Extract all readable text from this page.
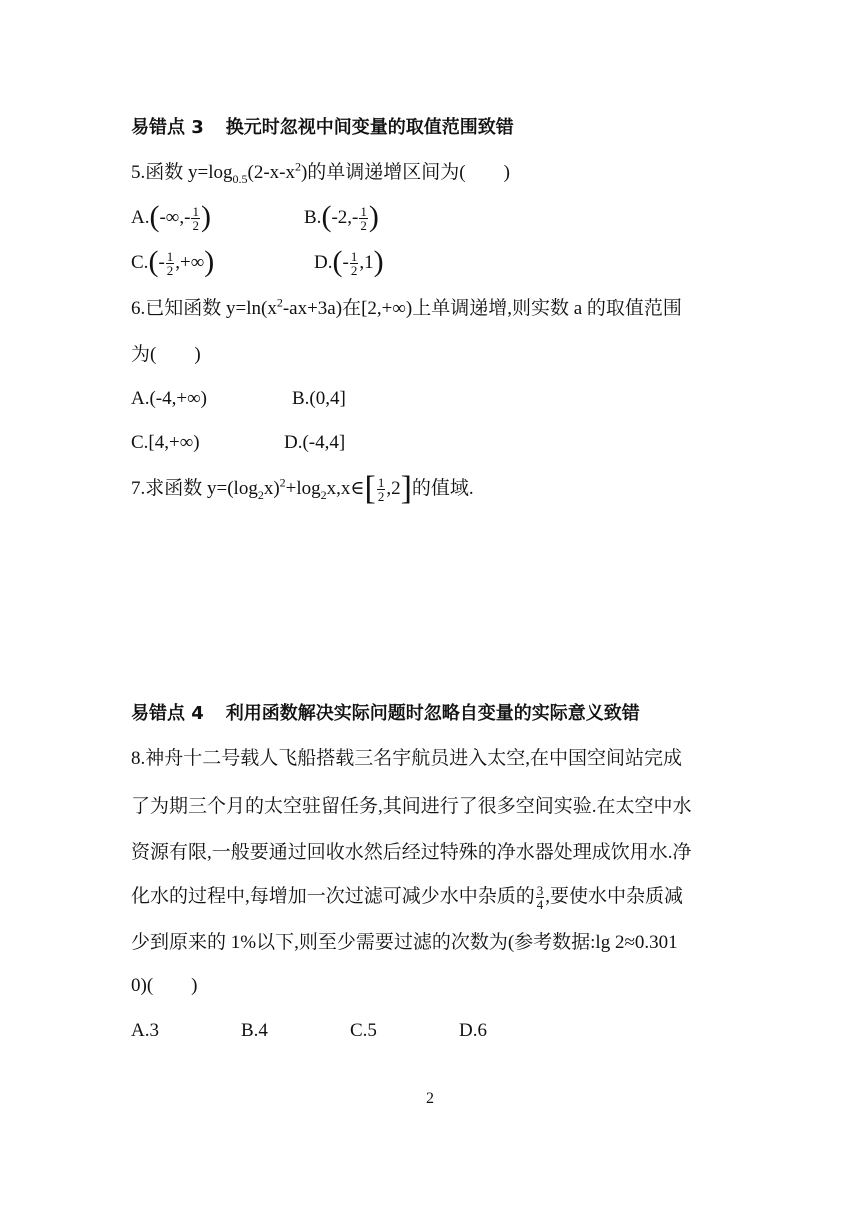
易错点 3 换元时忽视中间变量的取值范围致错
5.函数 $y=\log_{0.5}(2-x-x^2)$的单调递增区间为(        )
$A.(-\infty,- \frac{1}{2}$ )	$B.(-2,- \frac{1}{2}$ )
$C.(- \frac{1}{2}$ ,+∞)	$D.(- \frac{1}{2} ,1)$
6.已知函数 $y=\ln(x^2-ax+3a)$在[2,+∞)上单调递增,则实数 a 的取值范围
为(        )
A.(-4,+∞)	B.(0,4]
C.[4,+∞)	D.(-4,4]
7.求函数 $y=(\log_2x)^2+\log_2x,x\in[ \frac{1}{2} ,2]$的值域.
易错点 4 利用函数解决实际问题时忽略自变量的实际意义致错
8.神舟十二号载人飞船搭载三名宇航员进入太空,在中国空间站完成
了为期三个月的太空驻留任务,其间进行了很多空间实验.在太空中水
资源有限,一般要通过回收水然后经过特殊的净水器处理成饮用水.净
化水的过程中,每增加一次过滤可减少水中杂质的 $\frac{3}{4}$ ,要使水中杂质减
少到原来的 1%以下,则至少需要过滤的次数为(参考数据:lg 2≈0.301
0)(        )
A.3	B.4	C.5	D.6
2
